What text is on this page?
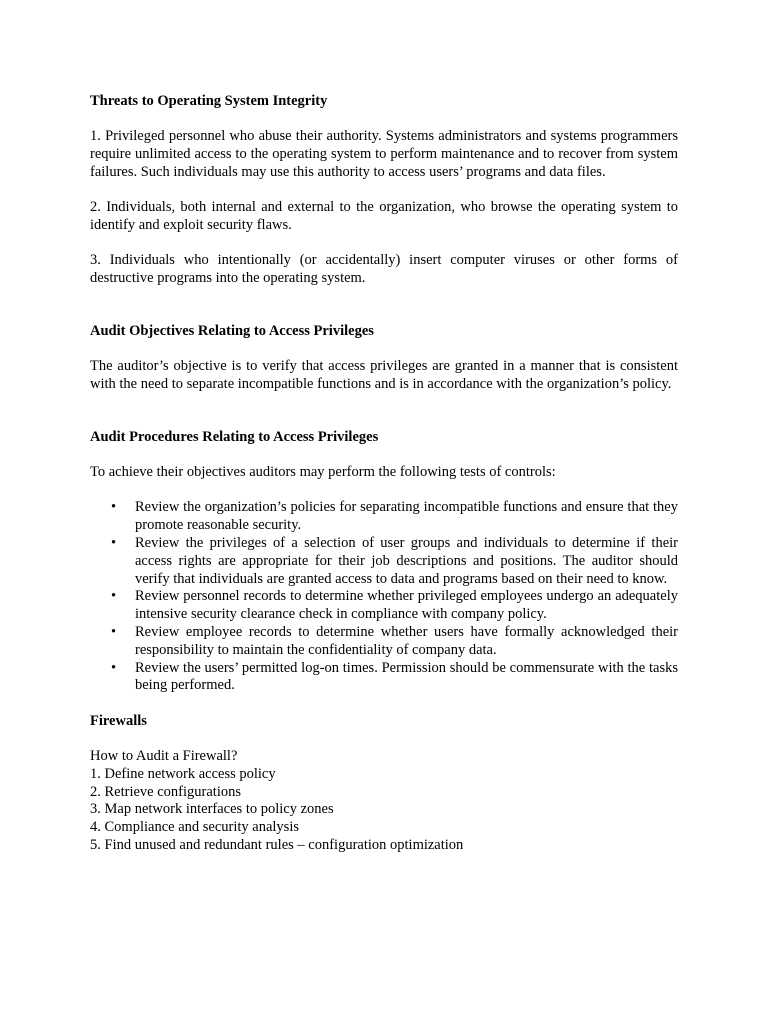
Threats to Operating System Integrity

1. Privileged personnel who abuse their authority. Systems administrators and systems programmers require unlimited access to the operating system to perform maintenance and to recover from system failures. Such individuals may use this authority to access users’ programs and data files.

2. Individuals, both internal and external to the organization, who browse the operating system to identify and exploit security flaws.

3. Individuals who intentionally (or accidentally) insert computer viruses or other forms of destructive programs into the operating system.

Audit Objectives Relating to Access Privileges

The auditor’s objective is to verify that access privileges are granted in a manner that is consistent with the need to separate incompatible functions and is in accordance with the organization’s policy.

Audit Procedures Relating to Access Privileges

To achieve their objectives auditors may perform the following tests of controls:

• Review the organization’s policies for separating incompatible functions and ensure that they promote reasonable security.
• Review the privileges of a selection of user groups and individuals to determine if their access rights are appropriate for their job descriptions and positions. The auditor should verify that individuals are granted access to data and programs based on their need to know.
• Review personnel records to determine whether privileged employees undergo an adequately intensive security clearance check in compliance with company policy.
• Review employee records to determine whether users have formally acknowledged their responsibility to maintain the confidentiality of company data.
• Review the users’ permitted log-on times. Permission should be commensurate with the tasks being performed.
Firewalls
How to Audit a Firewall?
1. Define network access policy
2. Retrieve configurations
3. Map network interfaces to policy zones
4. Compliance and security analysis
5. Find unused and redundant rules – configuration optimization
